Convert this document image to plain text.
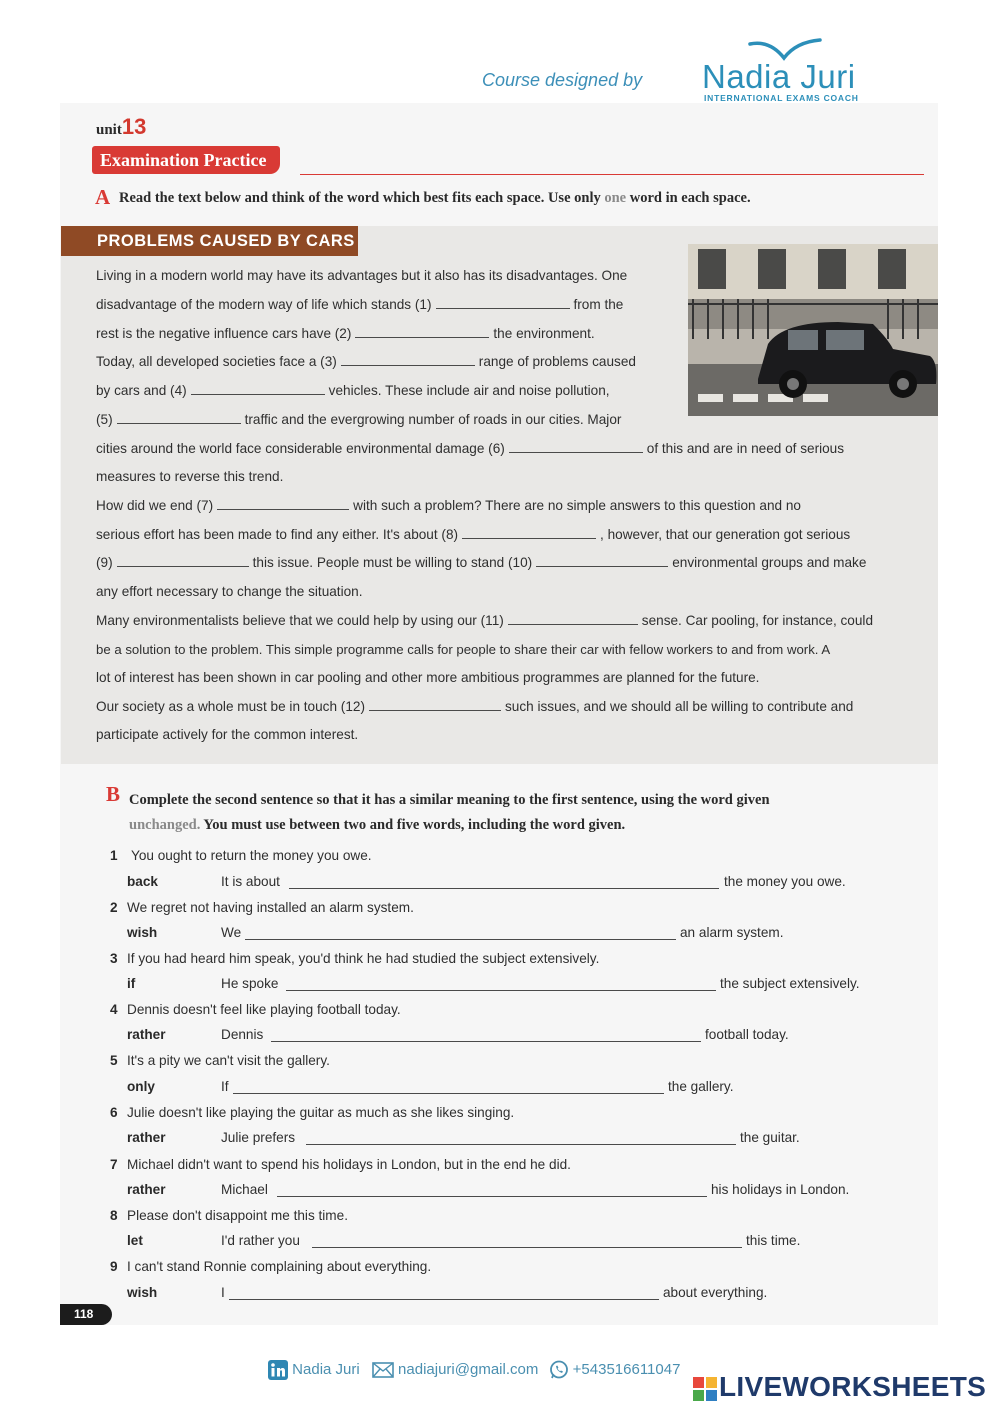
Course designed by Nadia Juri
INTERNATIONAL EXAMS COACH
unit13
Examination Practice
A Read the text below and think of the word which best fits each space. Use only one word in each space.
PROBLEMS CAUSED BY CARS
Living in a modern world may have its advantages but it also has its disadvantages. One
disadvantage of the modern way of life which stands (1)	from the
rest is the negative influence cars have (2)	the environment.
Today, all developed societies face a (3)	range of problems caused
by cars and (4)	vehicles. These include air and noise pollution,
(5)	traffic and the evergrowing number of roads in our cities. Major
cities around the world face considerable environmental damage (6)	of this and are in need of serious
measures to reverse this trend.
How did we end (7)	with such a problem? There are no simple answers to this question and no
serious effort has been made to find any either. It's about (8)	, however, that our generation got serious
(9)	this issue. People must be willing to stand (10)	environmental groups and make
any effort necessary to change the situation.
Many environmentalists believe that we could help by using our (11)	sense. Car pooling, for instance, could
be a solution to the problem. This simple programme calls for people to share their car with fellow workers to and from work. A
lot of interest has been shown in car pooling and other more ambitious programmes are planned for the future.
Our society as a whole must be in touch (12)	such issues, and we should all be willing to contribute and
participate actively for the common interest.
B Complete the second sentence so that it has a similar meaning to the first sentence, using the word given
unchanged. You must use between two and five words, including the word given.
1 You ought to return the money you owe.
back	It is about	the money you owe.
2 We regret not having installed an alarm system.
wish	We	an alarm system.
3 If you had heard him speak, you'd think he had studied the subject extensively.
if	He spoke	the subject extensively.
4 Dennis doesn't feel like playing football today.
rather	Dennis	football today.
5 It's a pity we can't visit the gallery.
only	If	the gallery.
6 Julie doesn't like playing the guitar as much as she likes singing.
rather	Julie prefers	the guitar.
7 Michael didn't want to spend his holidays in London, but in the end he did.
rather	Michael	his holidays in London.
8 Please don't disappoint me this time.
let	I'd rather you	this time.
9 I can't stand Ronnie complaining about everything.
wish	I	about everything.
118
Nadia Juri	nadiajuri@gmail.com +543516611047
LIVEWORKSHEETS
